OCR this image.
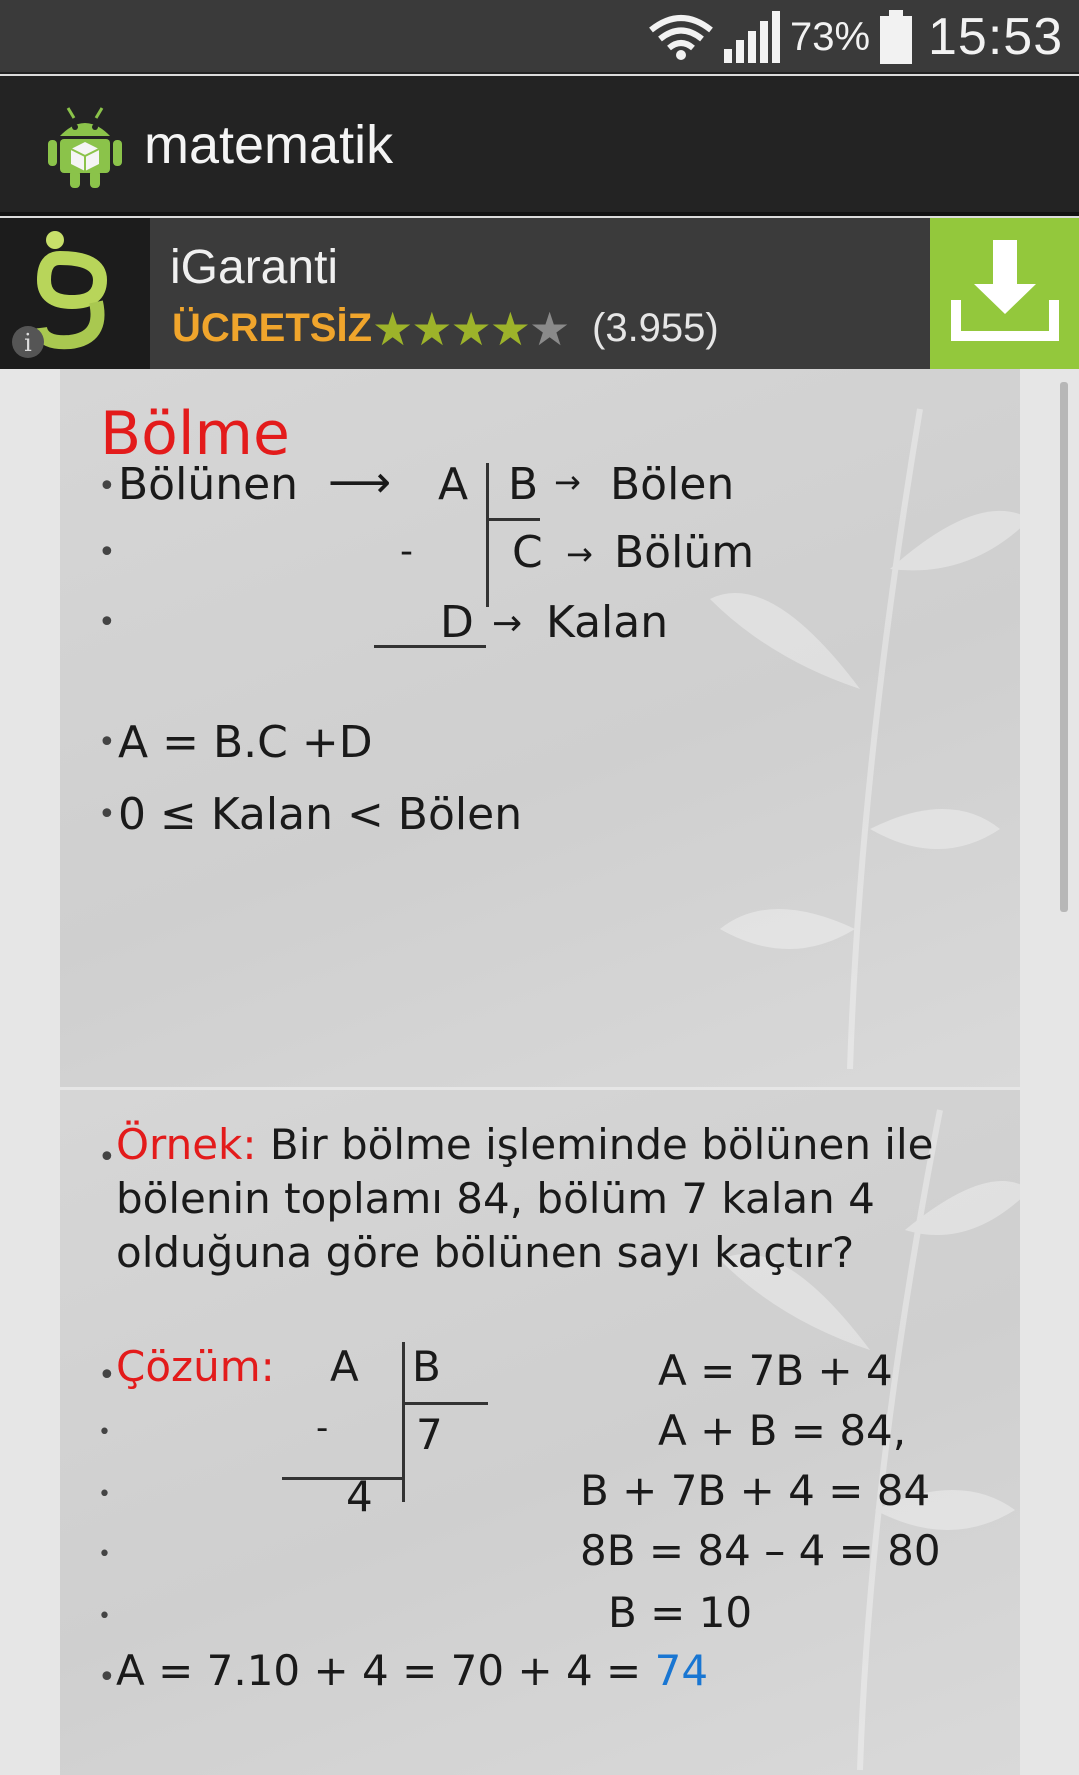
73% 15:53
matematik
i
iGaranti
ÜCRETSİZ ★★★★★ (3.955)
Bölme
• Bölünen ⟶ A B → Bölen
•	- C → Bölüm
•	D → Kalan
• A = B.C +D
• 0 ≤ Kalan < Bölen
• Örnek: Bir bölme işleminde bölünen ile
bölenin toplamı 84, bölüm 7 kalan 4
olduğuna göre bölünen sayı kaçtır?
• Çözüm: A B
- 7
4
A = 7B + 4
•	A + B = 84,
•	B + 7B + 4 = 84
•	8B = 84 – 4 = 80
•	B = 10
• A = 7.10 + 4 = 70 + 4 = 74
